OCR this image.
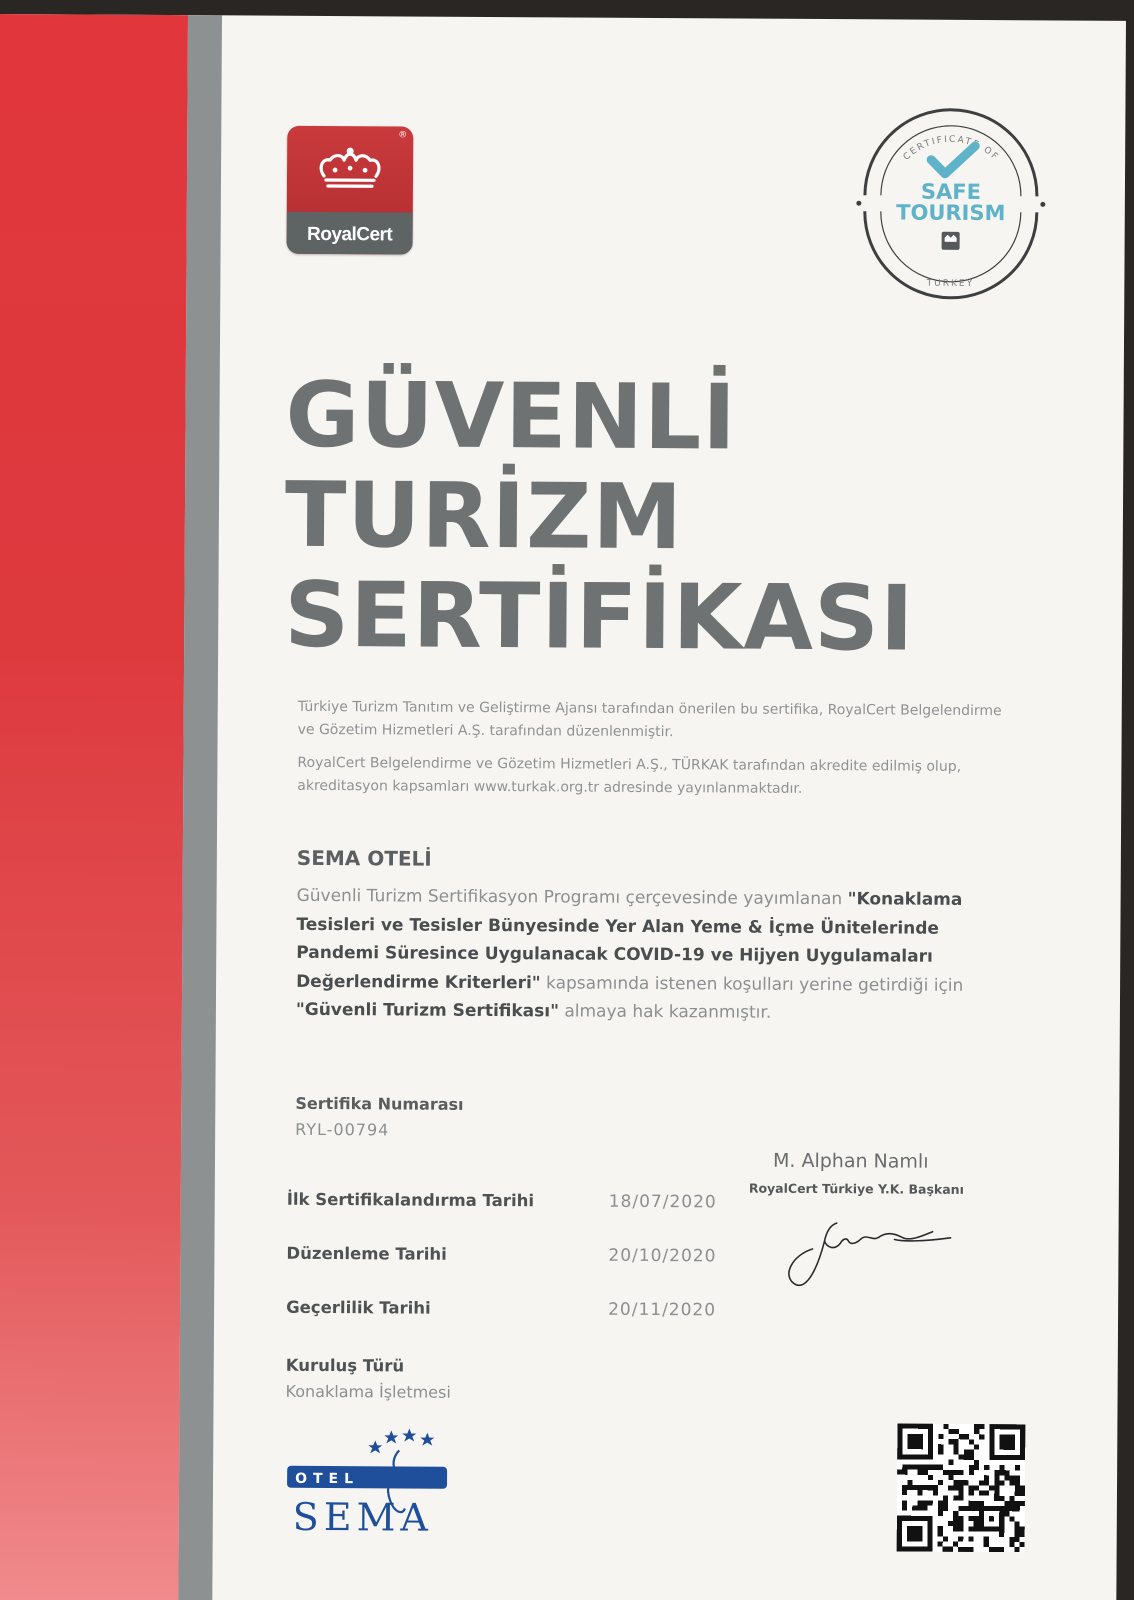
RoyalCert
®
CERTIFICATE OF
SAFE
TOURISM
TURKEY
GÜVENLİ
TURİZM
SERTİFİKASI

Türkiye Turizm Tanıtım ve Geliştirme Ajansı tarafından önerilen bu sertifika, RoyalCert Belgelendirme ve Gözetim Hizmetleri A.Ş. tarafından düzenlenmiştir.

RoyalCert Belgelendirme ve Gözetim Hizmetleri A.Ş., TÜRKAK tarafından akredite edilmiş olup, akreditasyon kapsamları www.turkak.org.tr adresinde yayınlanmaktadır.

SEMA OTELİ
Güvenli Turizm Sertifikasyon Programı çerçevesinde yayımlanan "Konaklama Tesisleri ve Tesisler Bünyesinde Yer Alan Yeme & İçme Ünitelerinde Pandemi Süresince Uygulanacak COVID-19 ve Hijyen Uygulamaları Değerlendirme Kriterleri" kapsamında istenen koşulları yerine getirdiği için "Güvenli Turizm Sertifikası" almaya hak kazanmıştır.
Sertifika Numarası
RYL-00794
İlk Sertifikalandırma Tarihi	18/07/2020
Düzenleme Tarihi	20/10/2020
Geçerlilik Tarihi	20/11/2020
Kuruluş Türü
Konaklama İşletmesi
M. Alphan Namlı
RoyalCert Türkiye Y.K. Başkanı
OTEL
SEMA
